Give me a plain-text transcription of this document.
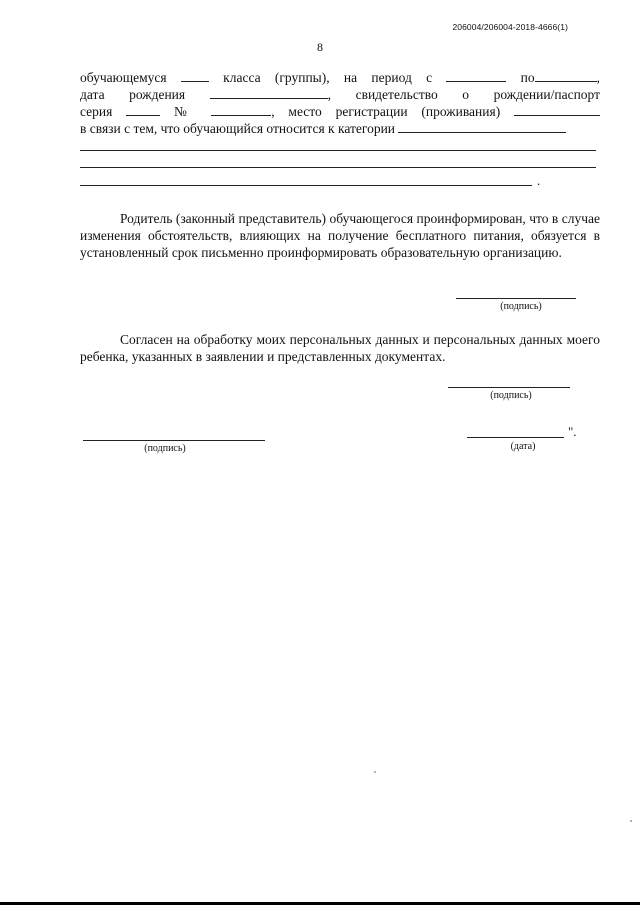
206004/206004-2018-4666(1)
8
обучающемуся	класса (группы), на период с	по	,
дата рождения	, свидетельство о рождении/паспорт
серия	№	, место регистрации (проживания)
в связи с тем, что обучающийся относится к категории
.
Родитель (законный представитель) обучающегося проинформирован, что в случае изменения обстоятельств, влияющих на получение бесплатного питания, обязуется в установленный срок письменно проинформировать образовательную организацию.
(подпись)
Согласен на обработку моих персональных данных и персональных данных моего ребенка, указанных в заявлении и представленных документах.
(подпись)
(подпись)
".
(дата)
